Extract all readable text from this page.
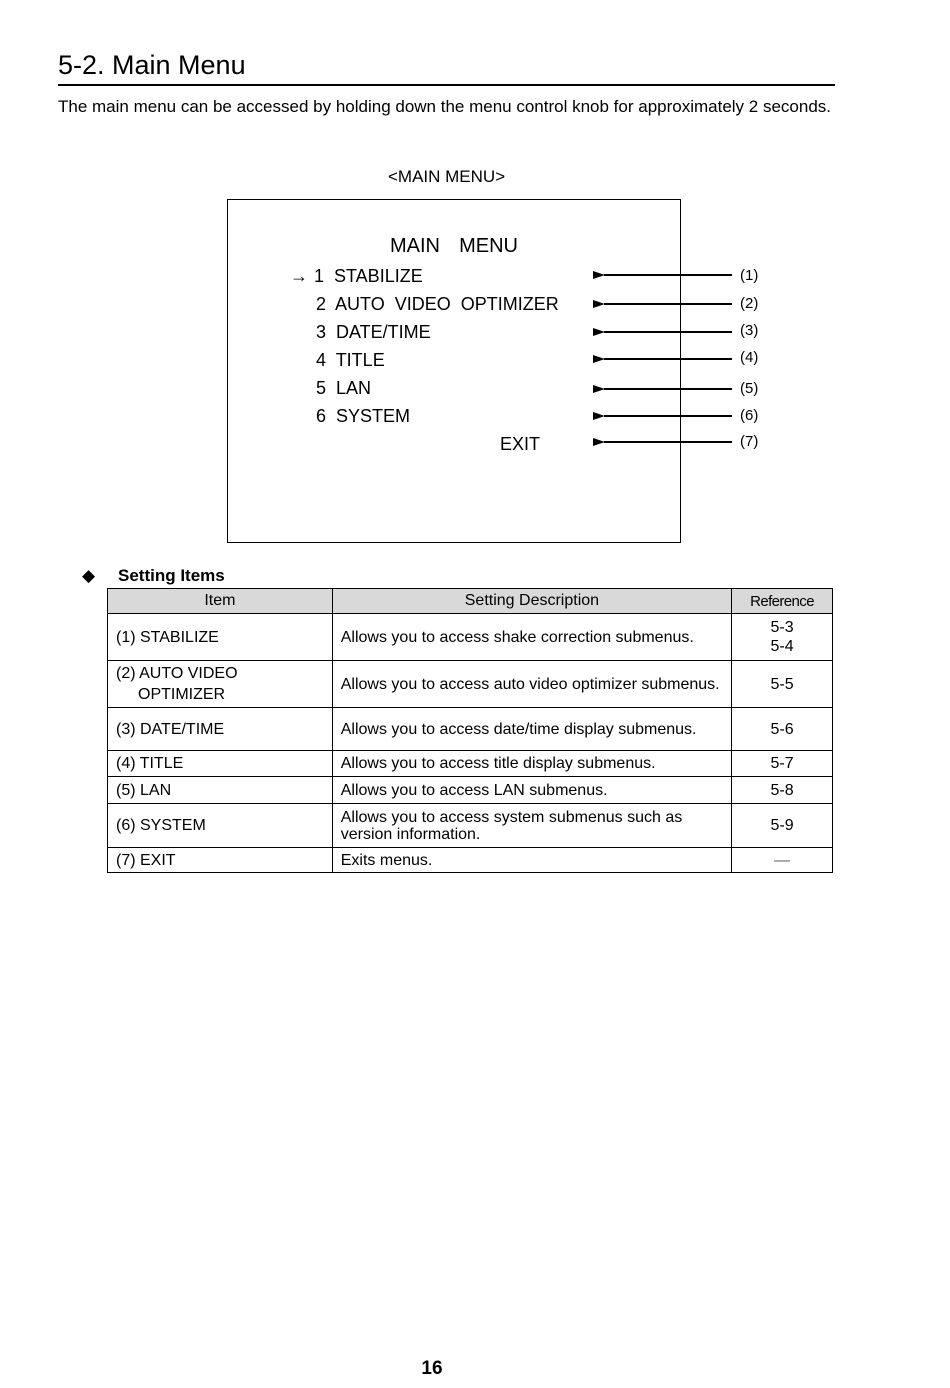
5-2. Main Menu
The main menu can be accessed by holding down the menu control knob for approximately 2 seconds.
<MAIN MENU>
MAIN  MENU
→ 1  STABILIZE
2  AUTO  VIDEO  OPTIMIZER
3  DATE/TIME
4  TITLE
5  LAN
6  SYSTEM
EXIT
(1)
(2)
(3)
(4)
(5)
(6)
(7)
◆ Setting Items
Item	Setting Description	Reference
(1) STABILIZE	Allows you to access shake correction submenus.	5-3
5-4

(2) AUTO VIDEO
OPTIMIZER	Allows you to access auto video optimizer submenus.	5-5
(3) DATE/TIME	Allows you to access date/time display submenus.	5-6
(4) TITLE	Allows you to access title display submenus.	5-7
(5) LAN	Allows you to access LAN submenus.	5-8
(6) SYSTEM	Allows you to access system submenus such as version information.	5-9
(7) EXIT	Exits menus.	—
16
